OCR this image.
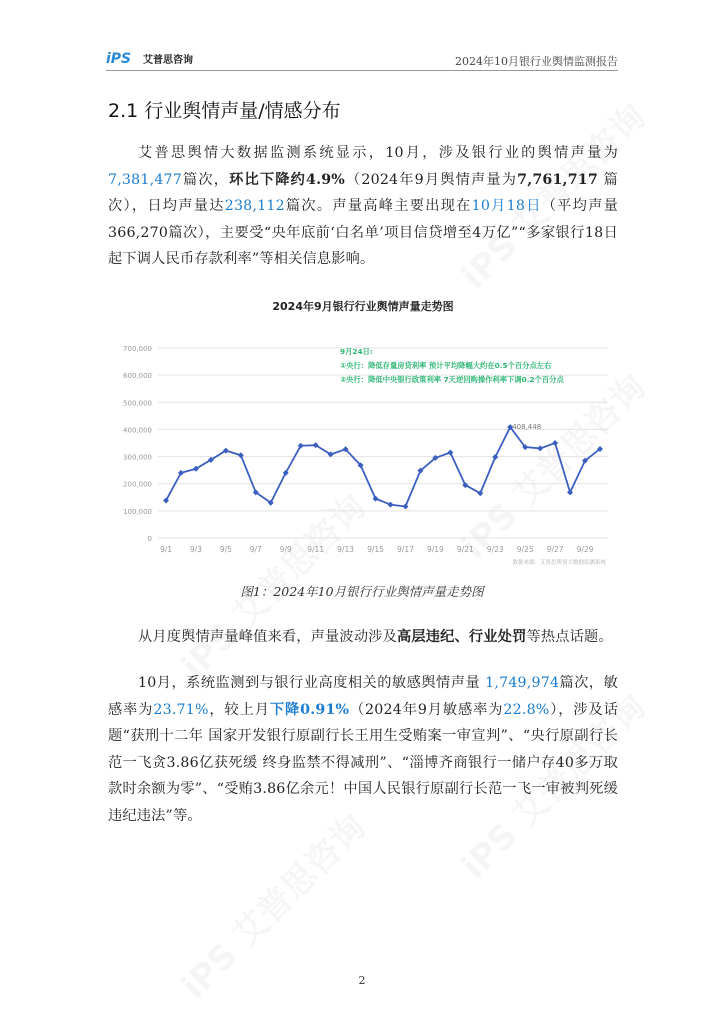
iPS 艾普思咨询	2024年10月银行业舆情监测报告
2.1 行业舆情声量/情感分布
艾普思舆情大数据监测系统显示，10月，涉及银行业的舆情声量为7,381,477篇次，环比下降约4.9%（2024年9月舆情声量为7,761,717 篇次），日均声量达238,112篇次。声量高峰主要出现在10月18日（平均声量366,270篇次），主要受“央年底前‘白名单’项目信贷增至4万亿”“多家银行18日起下调人民币存款利率”等相关信息影响。
2024年9月银行行业舆情声量走势图
0
100,000
200,000
300,000
400,000
500,000
600,000
700,000
9/1 9/3 9/5 9/7 9/9 9/11 9/13 9/15 9/17 9/19 9/21 9/23 9/25 9/27 9/29
408,448
9月24日:
①央行：降低存量房贷利率 预计平均降幅大约在0.5个百分点左右
②央行：降低中央银行政策利率 7天逆回购操作利率下调0.2个百分点
数据来源：艾普思舆情大数据监测系统
图1：2024年10月银行行业舆情声量走势图
从月度舆情声量峰值来看，声量波动涉及高层违纪、行业处罚等热点话题。
10月，系统监测到与银行业高度相关的敏感舆情声量 1,749,974篇次，敏感率为23.71%，较上月下降0.91%（2024年9月敏感率为22.8%），涉及话题“获刑十二年 国家开发银行原副行长王用生受贿案一审宣判”、“央行原副行长范一飞贪3.86亿获死缓 终身监禁不得减刑”、“淄博齐商银行一储户存40多万取款时余额为零”、“受贿3.86亿余元！中国人民银行原副行长范一飞一审被判死缓违纪违法”等。
2
